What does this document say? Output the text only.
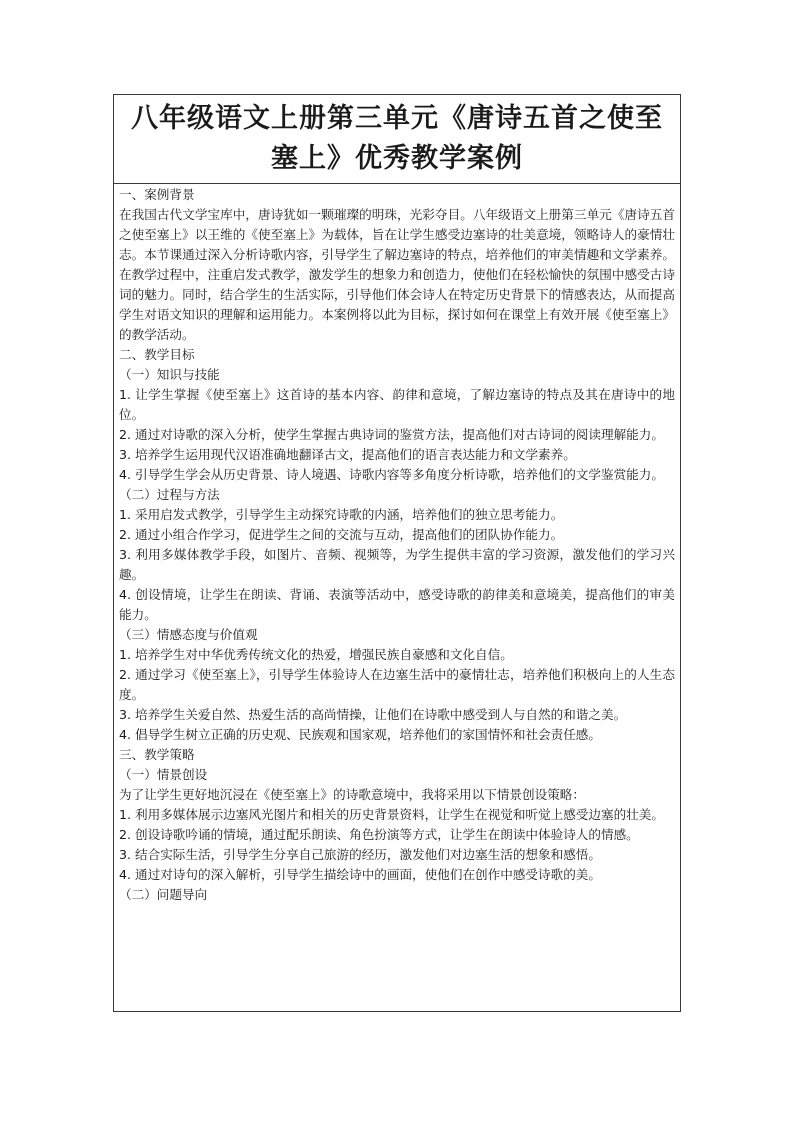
八年级语文上册第三单元《唐诗五首之使至
塞上》优秀教学案例

一、案例背景

在我国古代文学宝库中，唐诗犹如一颗璀璨的明珠，光彩夺目。八年级语文上册第三单元《唐诗五首之使至塞上》以王维的《使至塞上》为载体，旨在让学生感受边塞诗的壮美意境，领略诗人的豪情壮志。本节课通过深入分析诗歌内容，引导学生了解边塞诗的特点，培养他们的审美情趣和文学素养。在教学过程中，注重启发式教学，激发学生的想象力和创造力，使他们在轻松愉快的氛围中感受古诗词的魅力。同时，结合学生的生活实际，引导他们体会诗人在特定历史背景下的情感表达，从而提高学生对语文知识的理解和运用能力。本案例将以此为目标，探讨如何在课堂上有效开展《使至塞上》的教学活动。

二、教学目标

（一）知识与技能

1. 让学生掌握《使至塞上》这首诗的基本内容、韵律和意境，了解边塞诗的特点及其在唐诗中的地位。

2. 通过对诗歌的深入分析，使学生掌握古典诗词的鉴赏方法，提高他们对古诗词的阅读理解能力。

3. 培养学生运用现代汉语准确地翻译古文，提高他们的语言表达能力和文学素养。

4. 引导学生学会从历史背景、诗人境遇、诗歌内容等多角度分析诗歌，培养他们的文学鉴赏能力。

（二）过程与方法

1. 采用启发式教学，引导学生主动探究诗歌的内涵，培养他们的独立思考能力。

2. 通过小组合作学习，促进学生之间的交流与互动，提高他们的团队协作能力。

3. 利用多媒体教学手段，如图片、音频、视频等，为学生提供丰富的学习资源，激发他们的学习兴趣。

4. 创设情境，让学生在朗读、背诵、表演等活动中，感受诗歌的韵律美和意境美，提高他们的审美能力。

（三）情感态度与价值观

1. 培养学生对中华优秀传统文化的热爱，增强民族自豪感和文化自信。

2. 通过学习《使至塞上》，引导学生体验诗人在边塞生活中的豪情壮志，培养他们积极向上的人生态度。

3. 培养学生关爱自然、热爱生活的高尚情操，让他们在诗歌中感受到人与自然的和谐之美。

4. 倡导学生树立正确的历史观、民族观和国家观，培养他们的家国情怀和社会责任感。

三、教学策略

（一）情景创设

为了让学生更好地沉浸在《使至塞上》的诗歌意境中，我将采用以下情景创设策略：

1. 利用多媒体展示边塞风光图片和相关的历史背景资料，让学生在视觉和听觉上感受边塞的壮美。

2. 创设诗歌吟诵的情境，通过配乐朗读、角色扮演等方式，让学生在朗读中体验诗人的情感。

3. 结合实际生活，引导学生分享自己旅游的经历，激发他们对边塞生活的想象和感悟。

4. 通过对诗句的深入解析，引导学生描绘诗中的画面，使他们在创作中感受诗歌的美。

（二）问题导向
